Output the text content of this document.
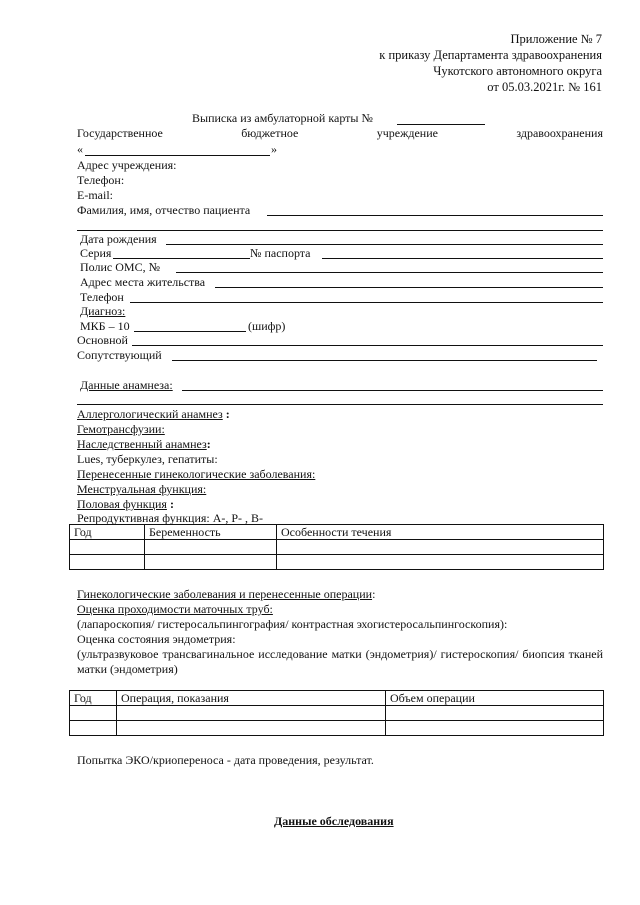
Приложение № 7
к приказу Департамента здравоохранения
Чукотского автономного округа
от 05.03.2021г. № 161
Выписка из амбулаторной карты №
Государственное	бюджетное	учреждение	здравоохранения
«	»
Адрес учреждения:
Телефон:
E-mail:
Фамилия, имя, отчество пациента
Дата рождения
Серия	№ паспорта
Полис ОМС, №
Адрес места жительства
Телефон
Диагноз:
МКБ – 10	(шифр)
Основной
Сопутствующий
Данные анамнеза:
Аллергологический анамнез :
Гемотрансфузии:
Наследственный анамнез:
Lues, туберкулез, гепатиты:
Перенесенные гинекологические заболевания:
Менструальная функция:
Половая функция :
Репродуктивная функция: А-, Р- , В-
Год	Беременность	Особенности течения

Гинекологические заболевания и перенесенные операции:
Оценка проходимости маточных труб:
(лапароскопия/ гистеросальпингография/ контрастная эхогистеросальпингоскопия):
Оценка состояния эндометрия:
(ультразвуковое трансвагинальное исследование матки (эндометрия)/ гистероскопия/ биопсия тканей матки (эндометрия)
Год	Операция, показания	Объем операции

Попытка ЭКО/криопереноса - дата проведения, результат.
Данные обследования
